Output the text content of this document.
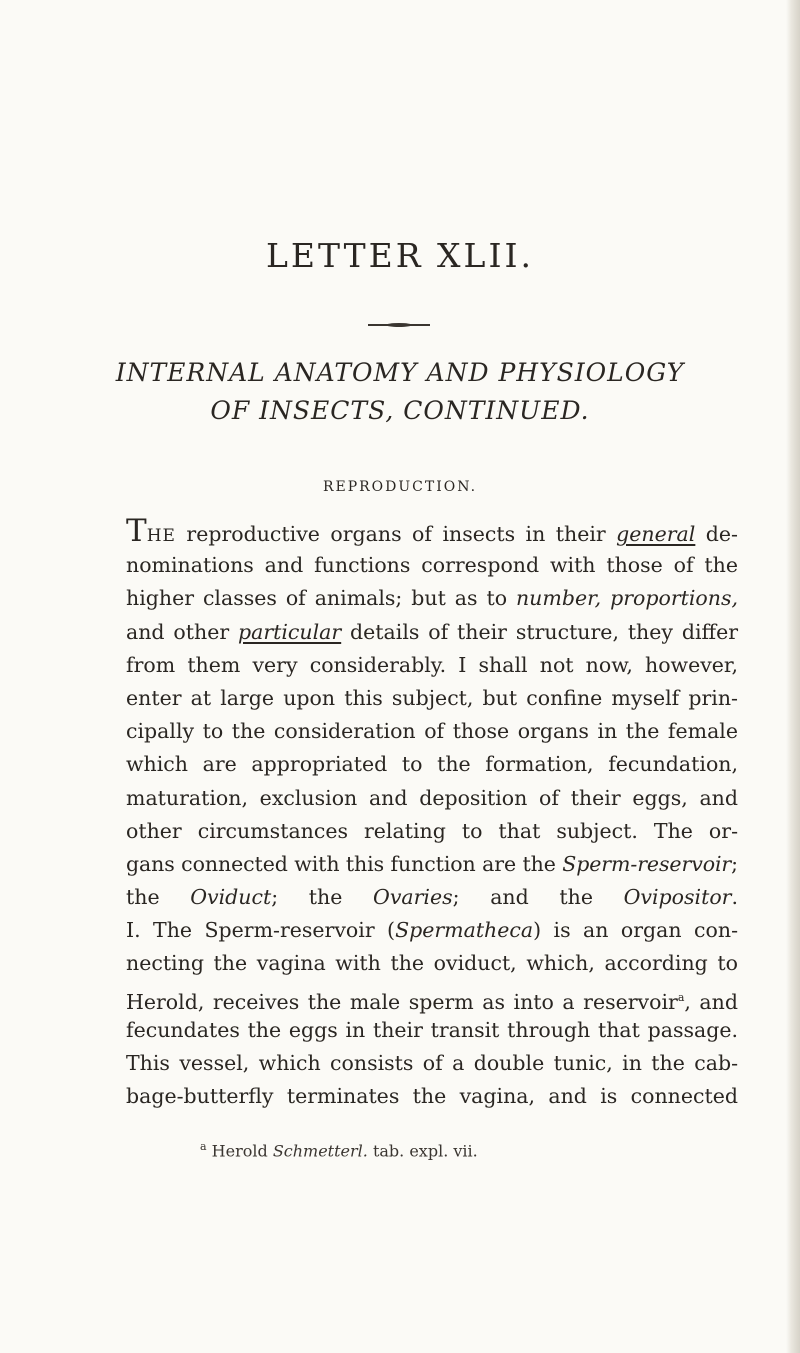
LETTER XLII.
INTERNAL ANATOMY AND PHYSIOLOGY
OF INSECTS, CONTINUED.
REPRODUCTION.
THE reproductive organs of insects in their general de-
nominations and functions correspond with those of the
higher classes of animals; but as to number, proportions,
and other particular details of their structure, they differ
from them very considerably. I shall not now, however,
enter at large upon this subject, but confine myself prin-
cipally to the consideration of those organs in the female
which are appropriated to the formation, fecundation,
maturation, exclusion and deposition of their eggs, and
other circumstances relating to that subject. The or-
gans connected with this function are the Sperm-reservoir;
the Oviduct; the Ovaries; and the Ovipositor.
I. The Sperm-reservoir (Spermatheca) is an organ con-
necting the vagina with the oviduct, which, according to
Herold, receives the male sperm as into a reservoir$^a$, and
fecundates the eggs in their transit through that passage.
This vessel, which consists of a double tunic, in the cab-
bage-butterfly terminates the vagina, and is connected
$^a$ Herold Schmetterl. tab. expl. vii.
